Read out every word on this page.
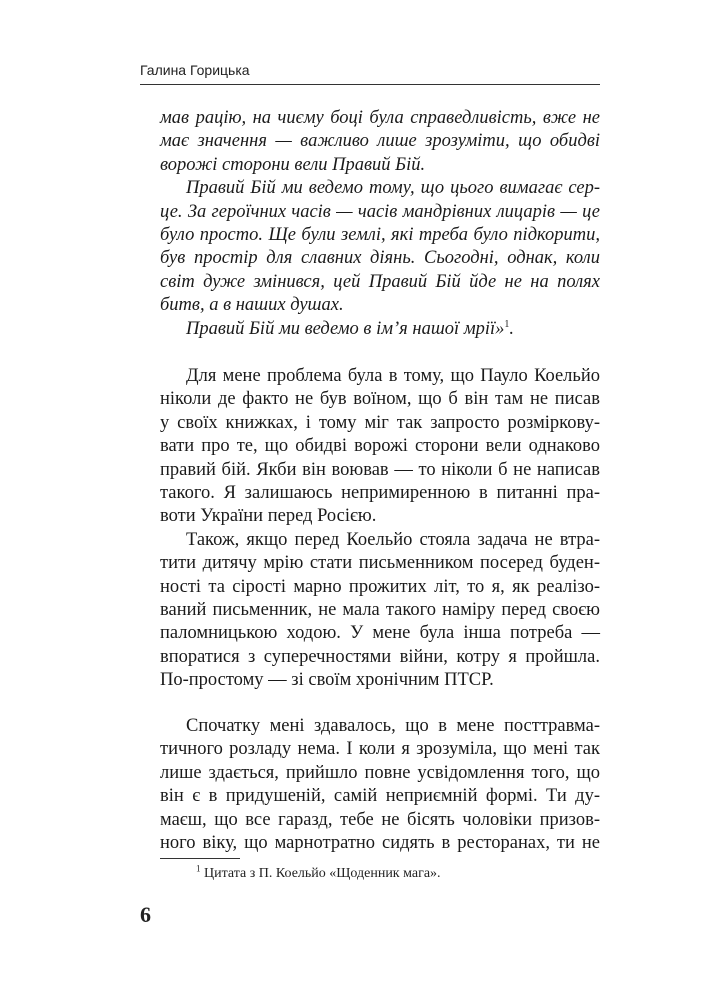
Галина Горицька
мав рацію, на чиєму боці була справедливість, вже не
має значення — важливо лише зрозуміти, що обидві
ворожі сторони вели Правий Бій.
Правий Бій ми ведемо тому, що цього вимагає сер-
це. За героїчних часів — часів мандрівних лицарів — це
було просто. Ще були землі, які треба було підкорити,
був простір для славних діянь. Сьогодні, однак, коли
світ дуже змінився, цей Правий Бій йде не на полях
битв, а в наших душах.
Правий Бій ми ведемо в ім’я нашої мрії»$^1$.
Для мене проблема була в тому, що Пауло Коельйо
ніколи де факто не був воїном, що б він там не писав
у своїх книжках, і тому міг так запросто розміркову-
вати про те, що обидві ворожі сторони вели однаково
правий бій. Якби він воював — то ніколи б не написав
такого. Я залишаюсь непримиренною в питанні пра-
воти України перед Росією.
Також, якщо перед Коельйо стояла задача не втра-
тити дитячу мрію стати письменником посеред буден-
ності та сірості марно прожитих літ, то я, як реалізо-
ваний письменник, не мала такого наміру перед своєю
паломницькою ходою. У мене була інша потреба —
впоратися з суперечностями війни, котру я пройшла.
По-простому — зі своїм хронічним ПТСР.
Спочатку мені здавалось, що в мене посттравма-
тичного розладу нема. І коли я зрозуміла, що мені так
лише здається, прийшло повне усвідомлення того, що
він є в придушеній, самій неприємній формі. Ти ду-
маєш, що все гаразд, тебе не бісять чоловіки призов-
ного віку, що марнотратно сидять в ресторанах, ти не
$^1$ Цитата з П. Коельйо «Щоденник мага».
6
